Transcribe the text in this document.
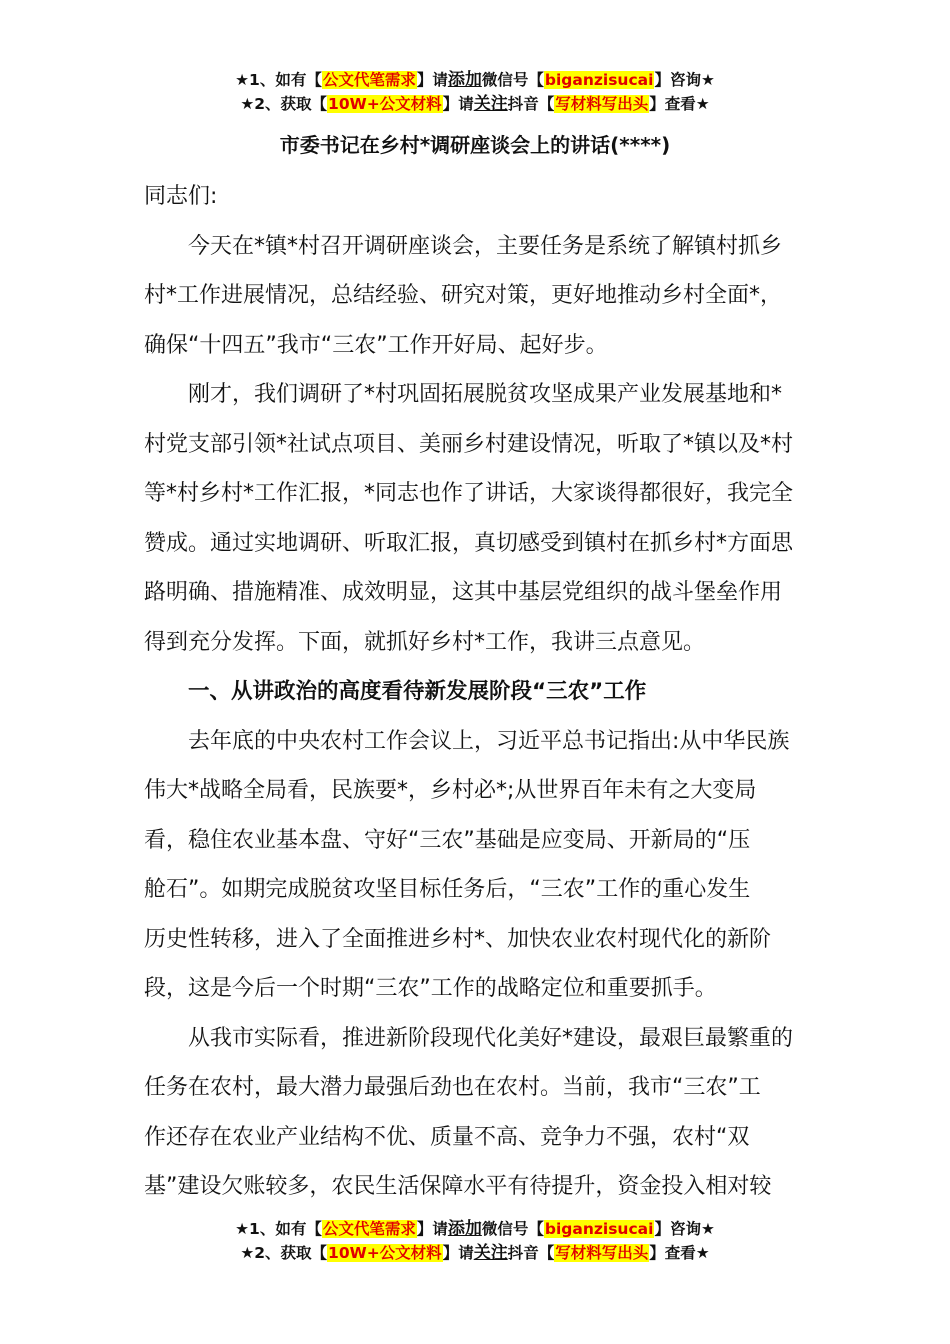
★1、如有【公文代笔需求】请添加微信号【biganzisucai】咨询★
★2、获取【10W+公文材料】请关注抖音【写材料写出头】查看★
市委书记在乡村*调研座谈会上的讲话(****)
同志们:
今天在*镇*村召开调研座谈会，主要任务是系统了解镇村抓乡
村*工作进展情况，总结经验、研究对策，更好地推动乡村全面*，
确保“十四五”我市“三农”工作开好局、起好步。
刚才，我们调研了*村巩固拓展脱贫攻坚成果产业发展基地和*
村党支部引领*社试点项目、美丽乡村建设情况，听取了*镇以及*村
等*村乡村*工作汇报，*同志也作了讲话，大家谈得都很好，我完全
赞成。通过实地调研、听取汇报，真切感受到镇村在抓乡村*方面思
路明确、措施精准、成效明显，这其中基层党组织的战斗堡垒作用
得到充分发挥。下面，就抓好乡村*工作，我讲三点意见。
一、从讲政治的高度看待新发展阶段“三农”工作
去年底的中央农村工作会议上，习近平总书记指出:从中华民族
伟大*战略全局看，民族要*，乡村必*;从世界百年未有之大变局
看，稳住农业基本盘、守好“三农”基础是应变局、开新局的“压
舱石”。如期完成脱贫攻坚目标任务后，“三农”工作的重心发生
历史性转移，进入了全面推进乡村*、加快农业农村现代化的新阶
段，这是今后一个时期“三农”工作的战略定位和重要抓手。
从我市实际看，推进新阶段现代化美好*建设，最艰巨最繁重的
任务在农村，最大潜力最强后劲也在农村。当前，我市“三农”工
作还存在农业产业结构不优、质量不高、竞争力不强，农村“双
基”建设欠账较多，农民生活保障水平有待提升，资金投入相对较
★1、如有【公文代笔需求】请添加微信号【biganzisucai】咨询★
★2、获取【10W+公文材料】请关注抖音【写材料写出头】查看★
